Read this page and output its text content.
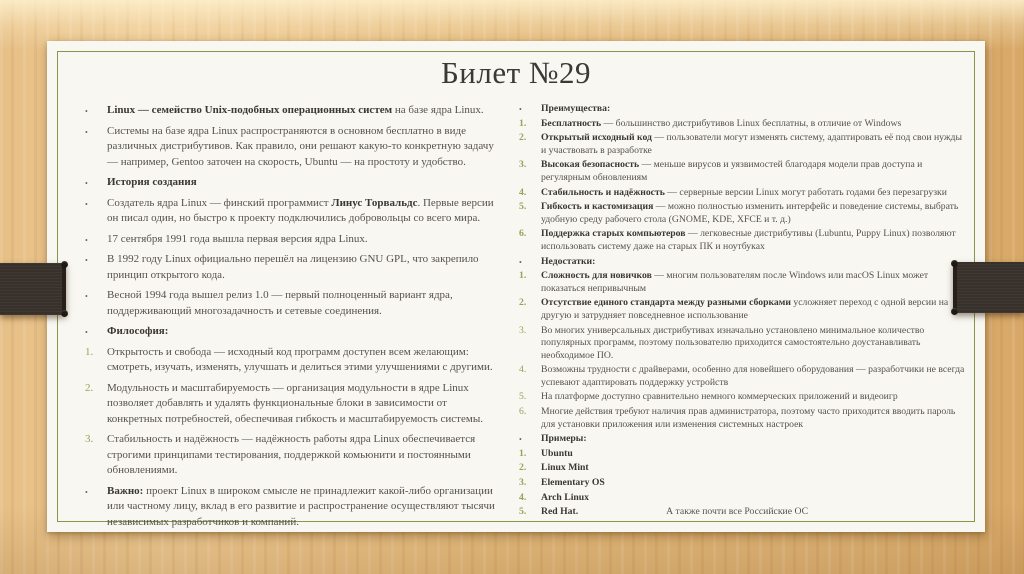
Билет №29
•	Linux — семейство Unix-подобных операционных систем на базе ядра Linux.
•	Системы на базе ядра Linux распространяются в основном бесплатно в виде различных дистрибутивов. Как правило, они решают какую-то конкретную задачу — например, Gentoo заточен на скорость, Ubuntu — на простоту и удобство.
•	История создания
•	Создатель ядра Linux — финский программист Линус Торвальдс. Первые версии он писал один, но быстро к проекту подключились добровольцы со всего мира.
•	17 сентября 1991 года вышла первая версия ядра Linux.
•	В 1992 году Linux официально перешёл на лицензию GNU GPL, что закрепило принцип открытого кода.
•	Весной 1994 года вышел релиз 1.0 — первый полноценный вариант ядра, поддерживающий многозадачность и сетевые соединения.
•	Философия:
1.	Открытость и свобода — исходный код программ доступен всем желающим: смотреть, изучать, изменять, улучшать и делиться этими улучшениями с другими.
2.	Модульность и масштабируемость — организация модульности в ядре Linux позволяет добавлять и удалять функциональные блоки в зависимости от конкретных потребностей, обеспечивая гибкость и масштабируемость системы.
3.	Стабильность и надёжность — надёжность работы ядра Linux обеспечивается строгими принципами тестирования, поддержкой комьюнити и постоянными обновлениями.
•	Важно: проект Linux в широком смысле не принадлежит какой-либо организации или частному лицу, вклад в его развитие и распространение осуществляют тысячи независимых разработчиков и компаний.
•	Преимущества:
1.	Бесплатность — большинство дистрибутивов Linux бесплатны, в отличие от Windows
2.	Открытый исходный код — пользователи могут изменять систему, адаптировать её под свои нужды и участвовать в разработке
3.	Высокая безопасность — меньше вирусов и уязвимостей благодаря модели прав доступа и регулярным обновлениям
4.	Стабильность и надёжность — серверные версии Linux могут работать годами без перезагрузки
5.	Гибкость и кастомизация — можно полностью изменить интерфейс и поведение системы, выбрать удобную среду рабочего стола (GNOME, KDE, XFCE и т. д.)
6.	Поддержка старых компьютеров — легковесные дистрибутивы (Lubuntu, Puppy Linux) позволяют использовать систему даже на старых ПК и ноутбуках
•	Недостатки:
1.	Сложность для новичков — многим пользователям после Windows или macOS Linux может показаться непривычным
2.	Отсутствие единого стандарта между разными сборками усложняет переход с одной версии на другую и затрудняет повседневное использование
3.	Во многих универсальных дистрибутивах изначально установлено минимальное количество популярных программ, поэтому пользователю приходится самостоятельно доустанавливать необходимое ПО.
4.	Возможны трудности с драйверами, особенно для новейшего оборудования — разработчики не всегда успевают адаптировать поддержку устройств
5.	На платформе доступно сравнительно немного коммерческих приложений и видеоигр
6.	Многие действия требуют наличия прав администратора, поэтому часто приходится вводить пароль для установки приложения или изменения системных настроек
•	Примеры:
1.	Ubuntu
2.	Linux Mint
3.	Elementary OS
4.	Arch Linux
5.	Red Hat.	А также почти все Российские ОС
